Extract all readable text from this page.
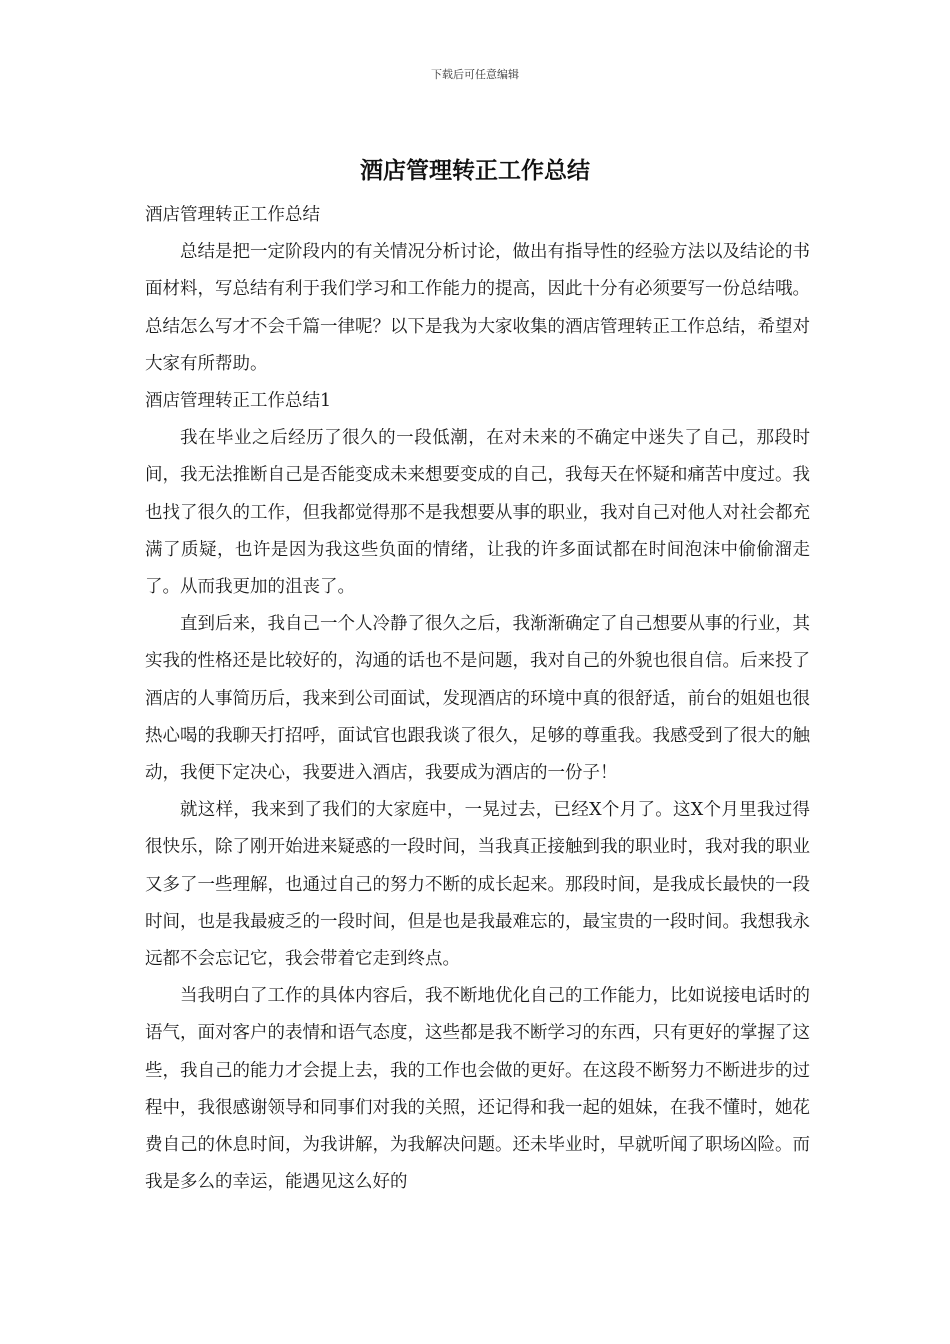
下载后可任意编辑
酒店管理转正工作总结

酒店管理转正工作总结

总结是把一定阶段内的有关情况分析讨论，做出有指导性的经验方法以及结论的书面材料，写总结有利于我们学习和工作能力的提高，因此十分有必须要写一份总结哦。总结怎么写才不会千篇一律呢？以下是我为大家收集的酒店管理转正工作总结，希望对大家有所帮助。

酒店管理转正工作总结1

我在毕业之后经历了很久的一段低潮，在对未来的不确定中迷失了自己，那段时间，我无法推断自己是否能变成未来想要变成的自己，我每天在怀疑和痛苦中度过。我也找了很久的工作，但我都觉得那不是我想要从事的职业，我对自己对他人对社会都充满了质疑，也许是因为我这些负面的情绪，让我的许多面试都在时间泡沫中偷偷溜走了。从而我更加的沮丧了。

直到后来，我自己一个人冷静了很久之后，我渐渐确定了自己想要从事的行业，其实我的性格还是比较好的，沟通的话也不是问题，我对自己的外貌也很自信。后来投了酒店的人事简历后，我来到公司面试，发现酒店的环境中真的很舒适，前台的姐姐也很热心喝的我聊天打招呼，面试官也跟我谈了很久，足够的尊重我。我感受到了很大的触动，我便下定决心，我要进入酒店，我要成为酒店的一份子！

就这样，我来到了我们的大家庭中，一晃过去，已经X个月了。这X个月里我过得很快乐，除了刚开始进来疑惑的一段时间，当我真正接触到我的职业时，我对我的职业又多了一些理解，也通过自己的努力不断的成长起来。那段时间，是我成长最快的一段时间，也是我最疲乏的一段时间，但是也是我最难忘的，最宝贵的一段时间。我想我永远都不会忘记它，我会带着它走到终点。

当我明白了工作的具体内容后，我不断地优化自己的工作能力，比如说接电话时的语气，面对客户的表情和语气态度，这些都是我不断学习的东西，只有更好的掌握了这些，我自己的能力才会提上去，我的工作也会做的更好。在这段不断努力不断进步的过程中，我很感谢领导和同事们对我的关照，还记得和我一起的姐妹，在我不懂时，她花费自己的休息时间，为我讲解，为我解决问题。还未毕业时，早就听闻了职场凶险。而我是多么的幸运，能遇见这么好的
